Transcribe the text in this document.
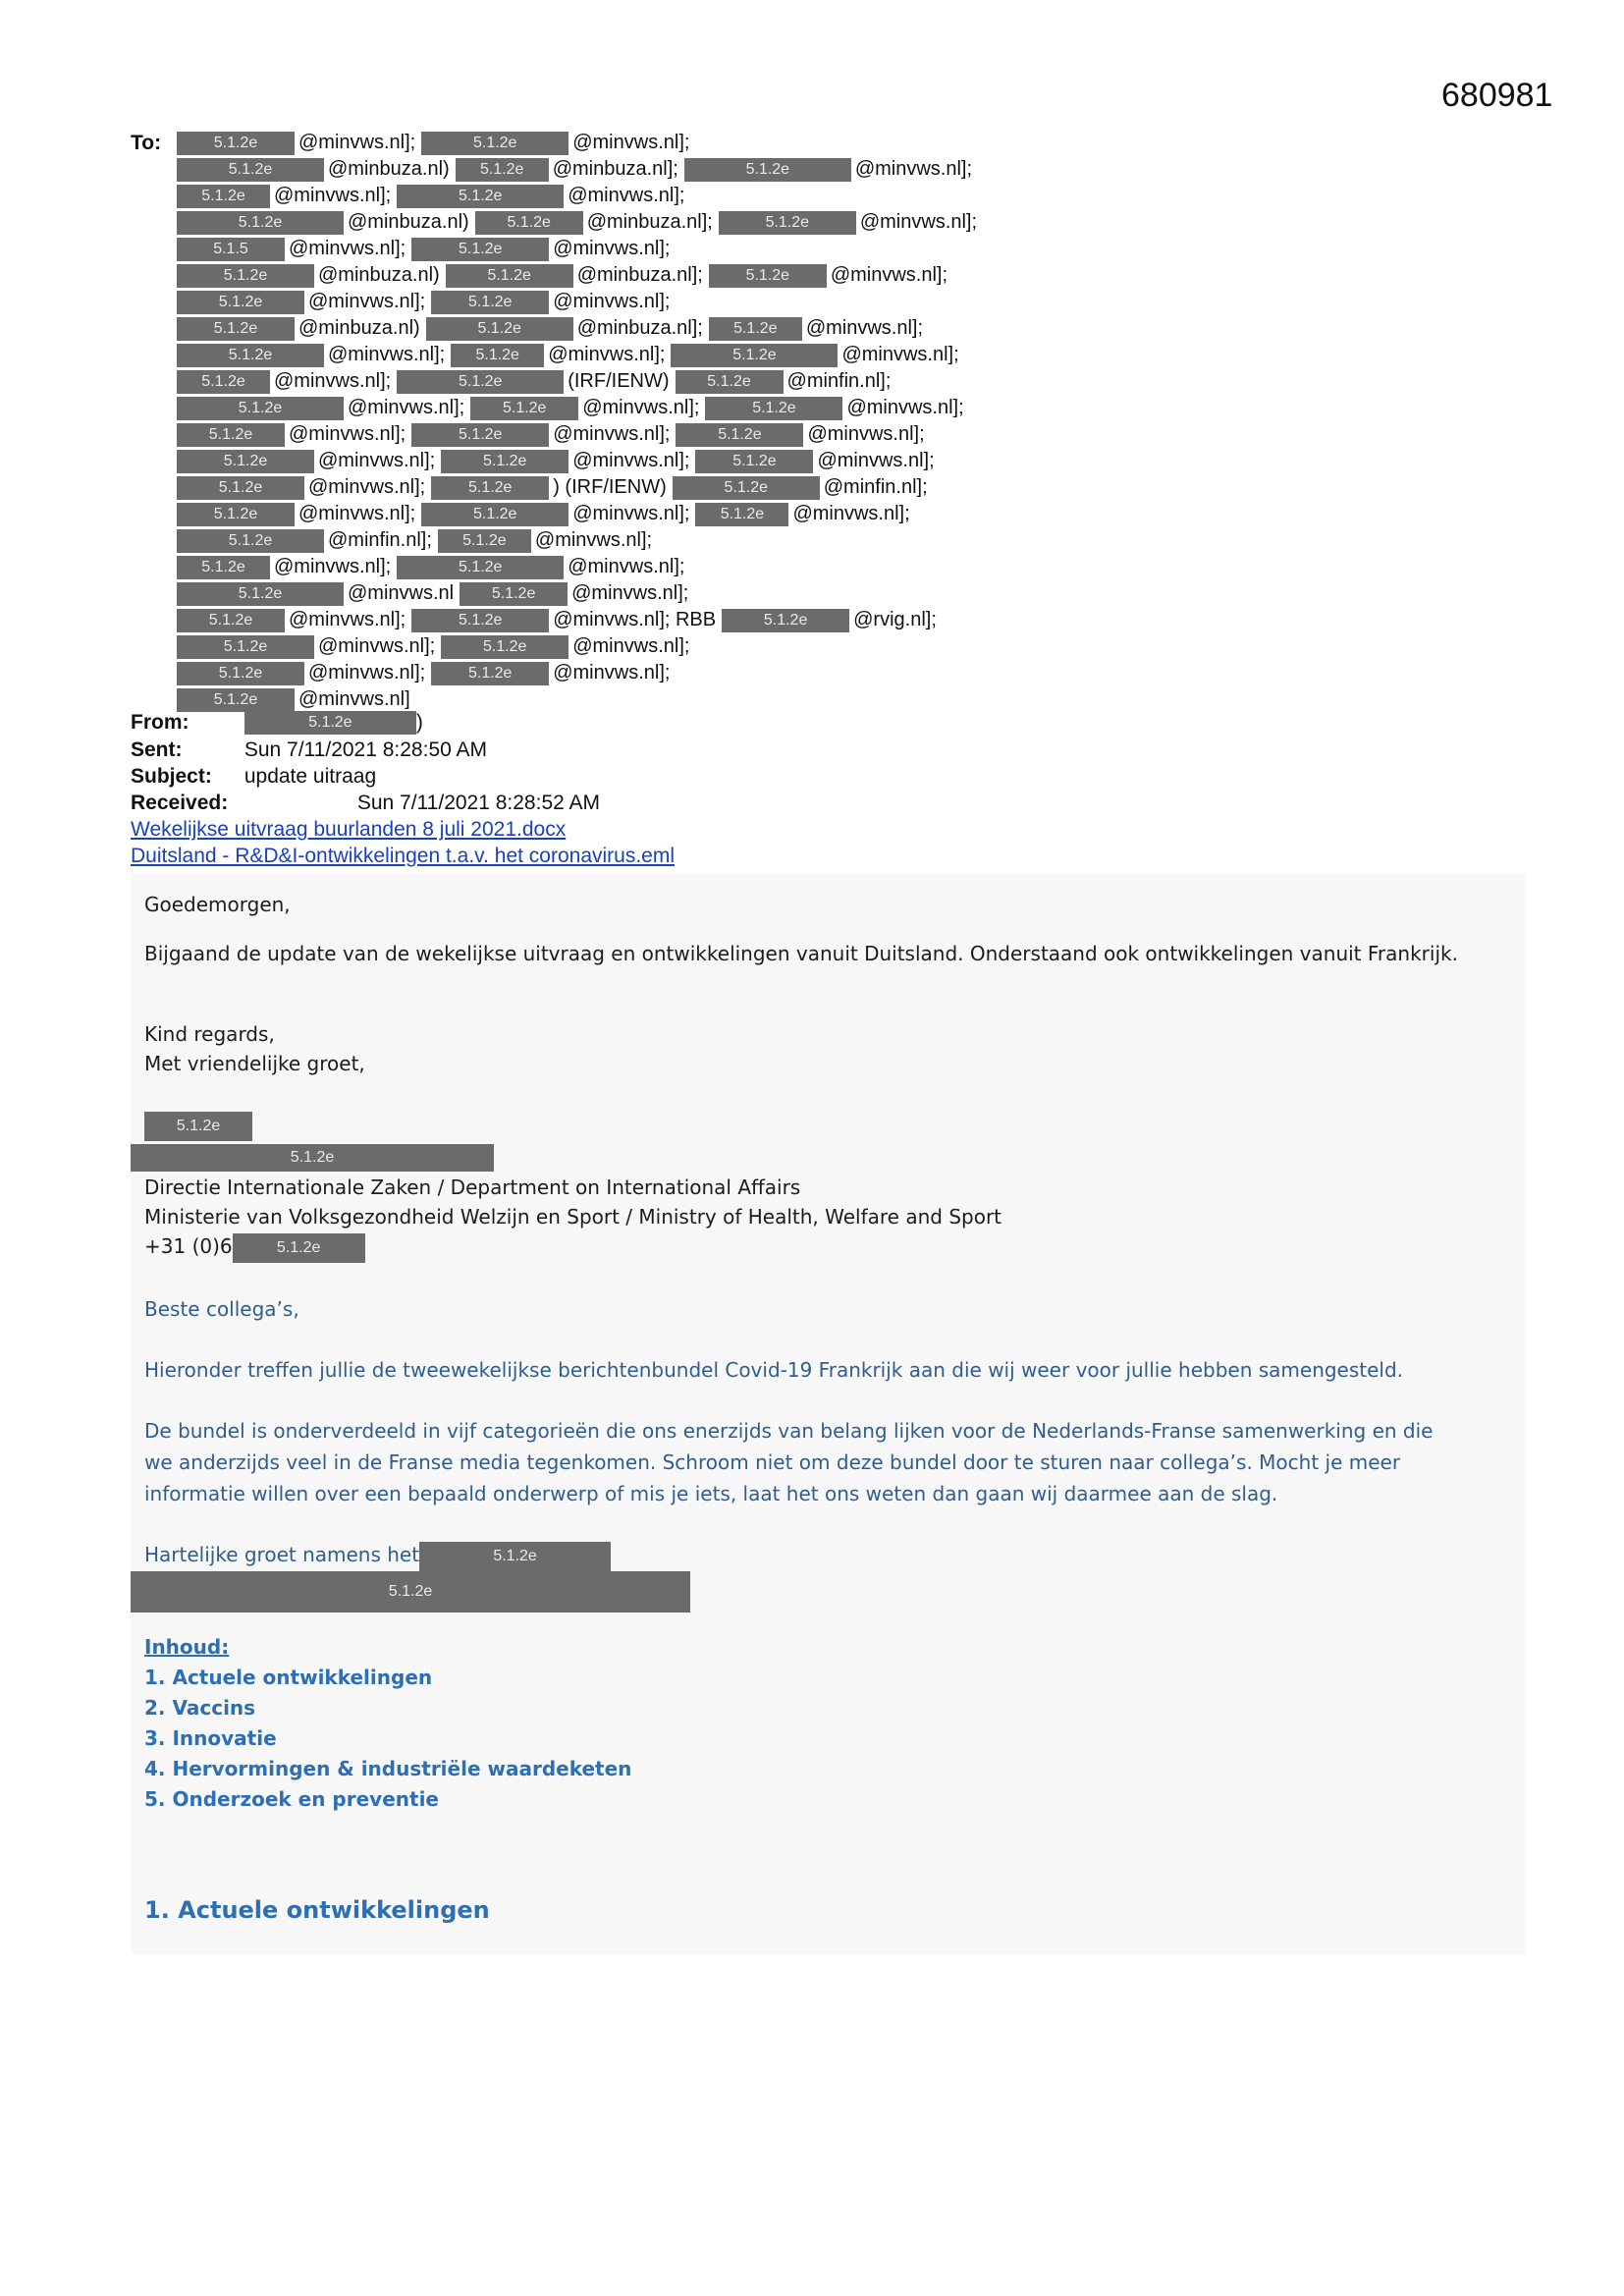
680981
To:	5.1.2e @minvws.nl];	5.1.2e	@minvws.nl];
5.1.2e	@minbuza.nl) 5.1.2e @minbuza.nl];	5.1.2e	@minvws.nl];
5.1.2e @minvws.nl];	5.1.2e	@minvws.nl];
5.1.2e	@minbuza.nl) 5.1.2e @minbuza.nl];	5.1.2e	@minvws.nl];
5.1.5 @minvws.nl];	5.1.2e	@minvws.nl];
5.1.2e	@minbuza.nl)	5.1.2e @minbuza.nl];	5.1.2e @minvws.nl];
5.1.2e @minvws.nl];	5.1.2e @minvws.nl];
5.1.2e @minbuza.nl)	5.1.2e	@minbuza.nl]; 5.1.2e @minvws.nl];
5.1.2e	@minvws.nl]; 5.1.2e @minvws.nl];	5.1.2e	@minvws.nl];
5.1.2e @minvws.nl];	5.1.2e	(IRF/IENW) 5.1.2e @minfin.nl];
5.1.2e	@minvws.nl]; 5.1.2e @minvws.nl];	5.1.2e	@minvws.nl];
5.1.2e @minvws.nl];	5.1.2e	@minvws.nl];	5.1.2e @minvws.nl];
5.1.2e	@minvws.nl];	5.1.2e @minvws.nl];	5.1.2e @minvws.nl];
5.1.2e @minvws.nl];	5.1.2e ) (IRF/IENW)	5.1.2e	@minfin.nl];
5.1.2e @minvws.nl];	5.1.2e	@minvws.nl]; 5.1.2e @minvws.nl];
5.1.2e	@minfin.nl]; 5.1.2e @minvws.nl];
5.1.2e @minvws.nl];	5.1.2e	@minvws.nl];
5.1.2e	@minvws.nl 5.1.2e @minvws.nl];
5.1.2e @minvws.nl];	5.1.2e	@minvws.nl]; RBB	5.1.2e @rvig.nl];
5.1.2e	@minvws.nl];	5.1.2e @minvws.nl];
5.1.2e @minvws.nl];	5.1.2e @minvws.nl];
5.1.2e @minvws.nl]
From:	5.1.2e	)
Sent:	Sun 7/11/2021 8:28:50 AM
Subject: update uitraag
Received:	Sun 7/11/2021 8:28:52 AM
Wekelijkse uitvraag buurlanden 8 juli 2021.docx
Duitsland - R&D&I-ontwikkelingen t.a.v. het coronavirus.eml
Goedemorgen,
Bijgaand de update van de wekelijkse uitvraag en ontwikkelingen vanuit Duitsland. Onderstaand ook ontwikkelingen vanuit Frankrijk.
Kind regards,
Met vriendelijke groet,
5.1.2e
5.1.2e
Directie Internationale Zaken / Department on International Affairs
Ministerie van Volksgezondheid Welzijn en Sport / Ministry of Health, Welfare and Sport
+31 (0)6	5.1.2e
Beste collega’s,
Hieronder treffen jullie de tweewekelijkse berichtenbundel Covid-19 Frankrijk aan die wij weer voor jullie hebben samengesteld.
De bundel is onderverdeeld in vijf categorieën die ons enerzijds van belang lijken voor de Nederlands-Franse samenwerking en die
we anderzijds veel in de Franse media tegenkomen. Schroom niet om deze bundel door te sturen naar collega’s. Mocht je meer
informatie willen over een bepaald onderwerp of mis je iets, laat het ons weten dan gaan wij daarmee aan de slag.
Hartelijke groet namens het	5.1.2e
5.1.2e
Inhoud:
1. Actuele ontwikkelingen
2. Vaccins
3. Innovatie
4. Hervormingen & industriële waardeketen
5. Onderzoek en preventie
1. Actuele ontwikkelingen
